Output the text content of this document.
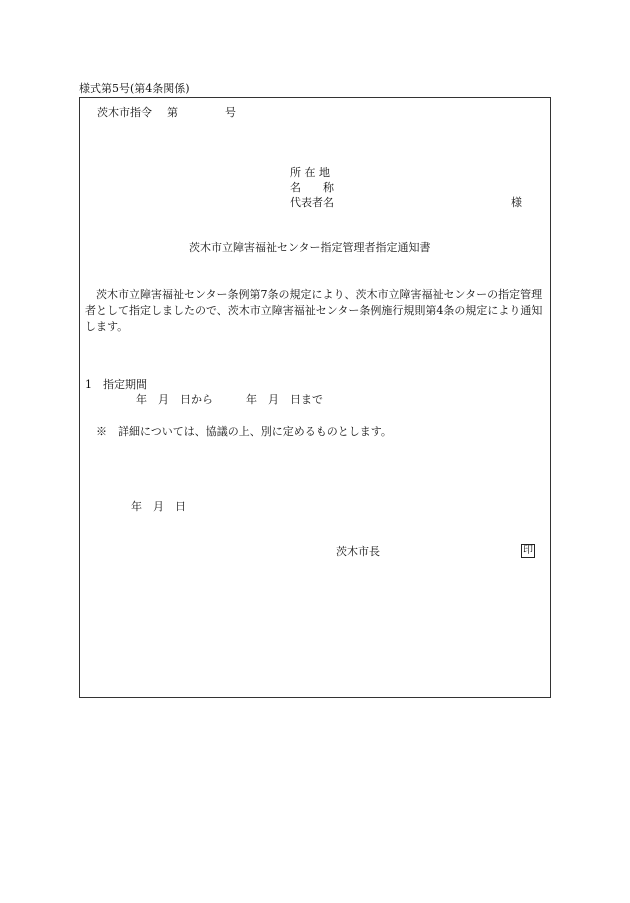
様式第5号(第4条関係)
茨木市指令 第	号
所 在 地
名　　称
代表者名	様
茨木市立障害福祉センター指定管理者指定通知書
茨木市立障害福祉センター条例第7条の規定により、茨木市立障害福祉センターの指定管理者として指定しましたので、茨木市立障害福祉センター条例施行規則第4条の規定により通知します。
1　指定期間
年　月　日から　　　年　月　日まで
※　詳細については、協議の上、別に定めるものとします。
年　月　日
茨木市長	印
